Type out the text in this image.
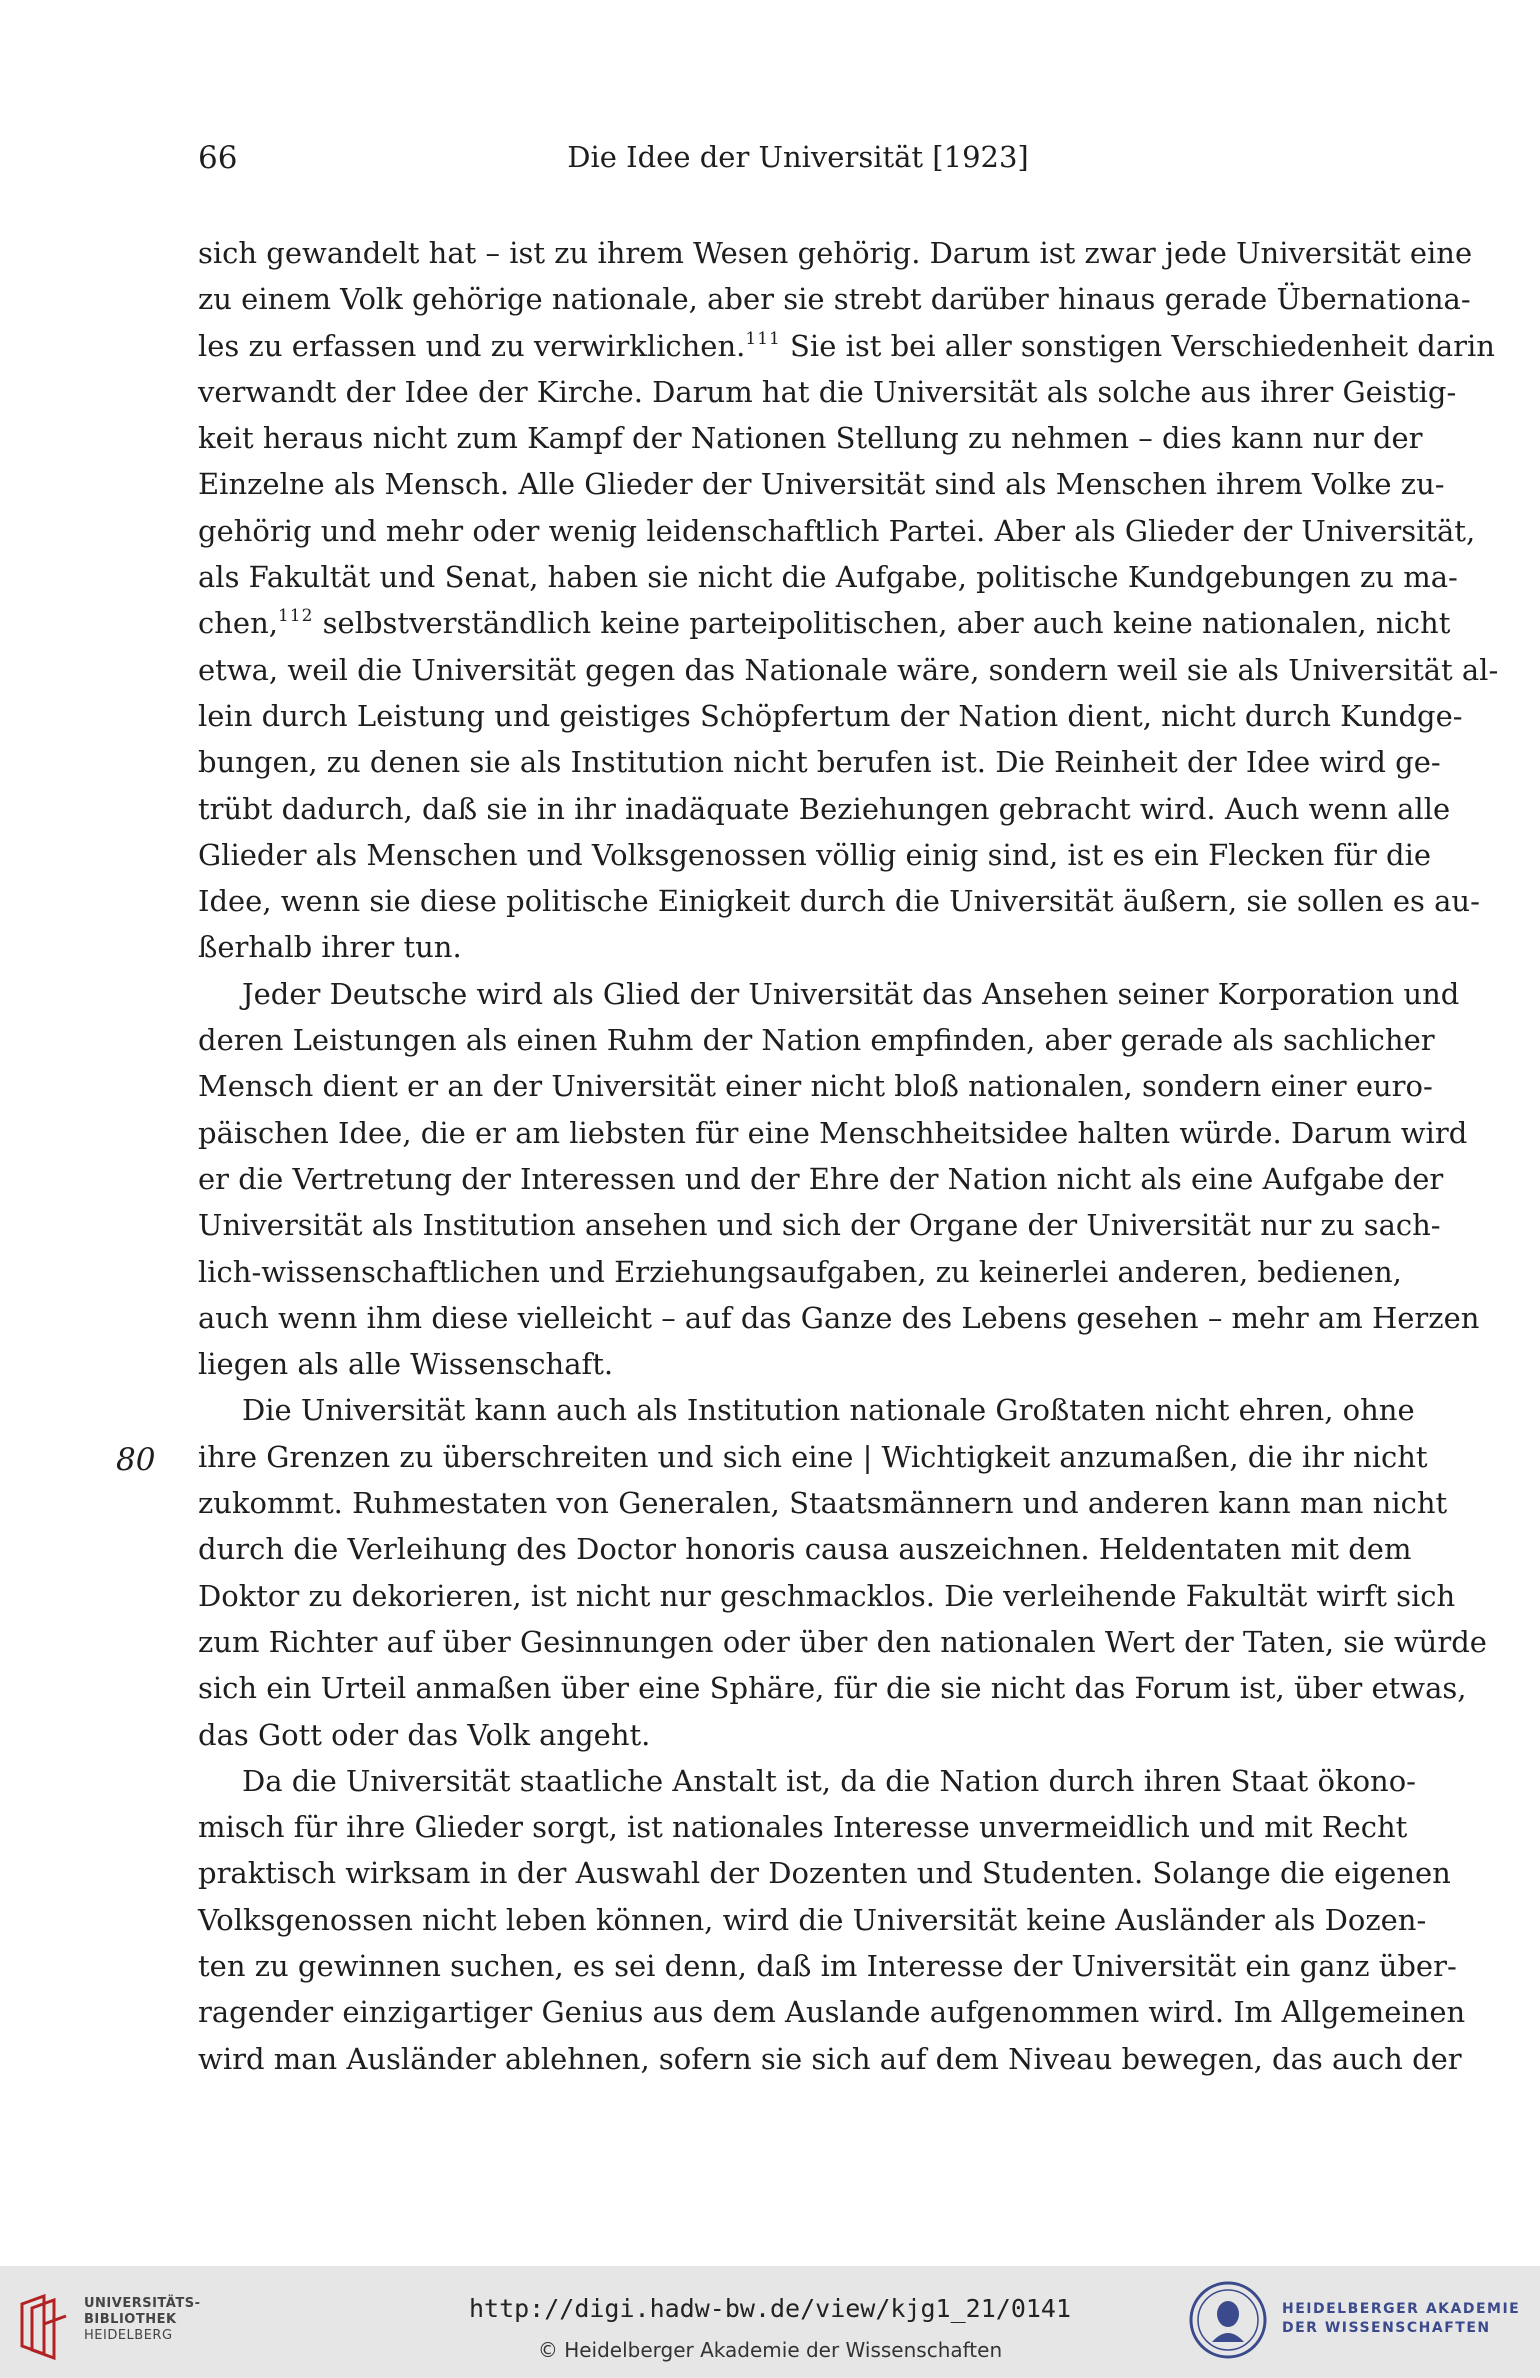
66	Die Idee der Universität [1923]
80
sich gewandelt hat – ist zu ihrem Wesen gehörig. Darum ist zwar jede Universität eine
zu einem Volk gehörige nationale, aber sie strebt darüber hinaus gerade Übernationa-
les zu erfassen und zu verwirklichen.$^{111}$ Sie ist bei aller sonstigen Verschiedenheit darin
verwandt der Idee der Kirche. Darum hat die Universität als solche aus ihrer Geistig-
keit heraus nicht zum Kampf der Nationen Stellung zu nehmen – dies kann nur der
Einzelne als Mensch. Alle Glieder der Universität sind als Menschen ihrem Volke zu-
gehörig und mehr oder wenig leidenschaftlich Partei. Aber als Glieder der Universität,
als Fakultät und Senat, haben sie nicht die Aufgabe, politische Kundgebungen zu ma-
chen,$^{112}$ selbstverständlich keine parteipolitischen, aber auch keine nationalen, nicht
etwa, weil die Universität gegen das Nationale wäre, sondern weil sie als Universität al-
lein durch Leistung und geistiges Schöpfertum der Nation dient, nicht durch Kundge-
bungen, zu denen sie als Institution nicht berufen ist. Die Reinheit der Idee wird ge-
trübt dadurch, daß sie in ihr inadäquate Beziehungen gebracht wird. Auch wenn alle
Glieder als Menschen und Volksgenossen völlig einig sind, ist es ein Flecken für die
Idee, wenn sie diese politische Einigkeit durch die Universität äußern, sie sollen es au-
ßerhalb ihrer tun.
Jeder Deutsche wird als Glied der Universität das Ansehen seiner Korporation und
deren Leistungen als einen Ruhm der Nation empfinden, aber gerade als sachlicher
Mensch dient er an der Universität einer nicht bloß nationalen, sondern einer euro-
päischen Idee, die er am liebsten für eine Menschheitsidee halten würde. Darum wird
er die Vertretung der Interessen und der Ehre der Nation nicht als eine Aufgabe der
Universität als Institution ansehen und sich der Organe der Universität nur zu sach-
lich-wissenschaftlichen und Erziehungsaufgaben, zu keinerlei anderen, bedienen,
auch wenn ihm diese vielleicht – auf das Ganze des Lebens gesehen – mehr am Herzen
liegen als alle Wissenschaft.
Die Universität kann auch als Institution nationale Großtaten nicht ehren, ohne
ihre Grenzen zu überschreiten und sich eine | Wichtigkeit anzumaßen, die ihr nicht
zukommt. Ruhmestaten von Generalen, Staatsmännern und anderen kann man nicht
durch die Verleihung des Doctor honoris causa auszeichnen. Heldentaten mit dem
Doktor zu dekorieren, ist nicht nur geschmacklos. Die verleihende Fakultät wirft sich
zum Richter auf über Gesinnungen oder über den nationalen Wert der Taten, sie würde
sich ein Urteil anmaßen über eine Sphäre, für die sie nicht das Forum ist, über etwas,
das Gott oder das Volk angeht.
Da die Universität staatliche Anstalt ist, da die Nation durch ihren Staat ökono-
misch für ihre Glieder sorgt, ist nationales Interesse unvermeidlich und mit Recht
praktisch wirksam in der Auswahl der Dozenten und Studenten. Solange die eigenen
Volksgenossen nicht leben können, wird die Universität keine Ausländer als Dozen-
ten zu gewinnen suchen, es sei denn, daß im Interesse der Universität ein ganz über-
ragender einzigartiger Genius aus dem Auslande aufgenommen wird. Im Allgemeinen
wird man Ausländer ablehnen, sofern sie sich auf dem Niveau bewegen, das auch der
UNIVERSITÄTS-
BIBLIOTHEK
HEIDELBERG
http://digi.hadw-bw.de/view/kjg1_21/0141
© Heidelberger Akademie der Wissenschaften
HEIDELBERGER AKADEMIE
DER WISSENSCHAFTEN
